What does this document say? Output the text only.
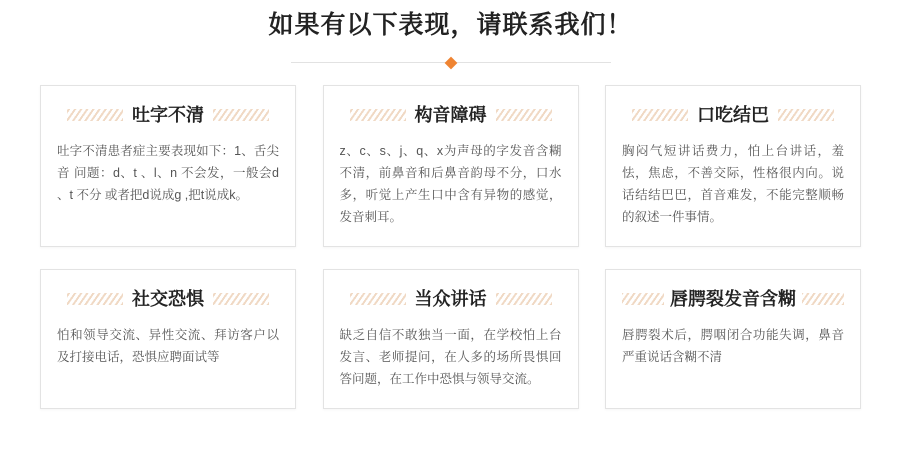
如果有以下表现，请联系我们！
吐字不清
吐字不清患者症主要表现如下：1、舌尖音 问题：d、t 、l、n 不会发，一般会d 、t 不分 或者把d说成g ,把t说成k。
构音障碍
z、c、s、j、q、x为声母的字发音含糊不清，前鼻音和后鼻音韵母不分，口水多，听觉上产生口中含有异物的感觉，发音刺耳。
口吃结巴
胸闷气短讲话费力，怕上台讲话，羞怯，焦虑，不善交际，性格很内向。说话结结巴巴，首音难发，不能完整顺畅的叙述一件事情。
社交恐惧
怕和领导交流、异性交流、拜访客户以及打接电话，恐惧应聘面试等
当众讲话
缺乏自信不敢独当一面，在学校怕上台发言、老师提问，在人多的场所畏惧回答问题，在工作中恐惧与领导交流。
唇腭裂发音含糊
唇腭裂术后，腭咽闭合功能失调，鼻音严重说话含糊不清
